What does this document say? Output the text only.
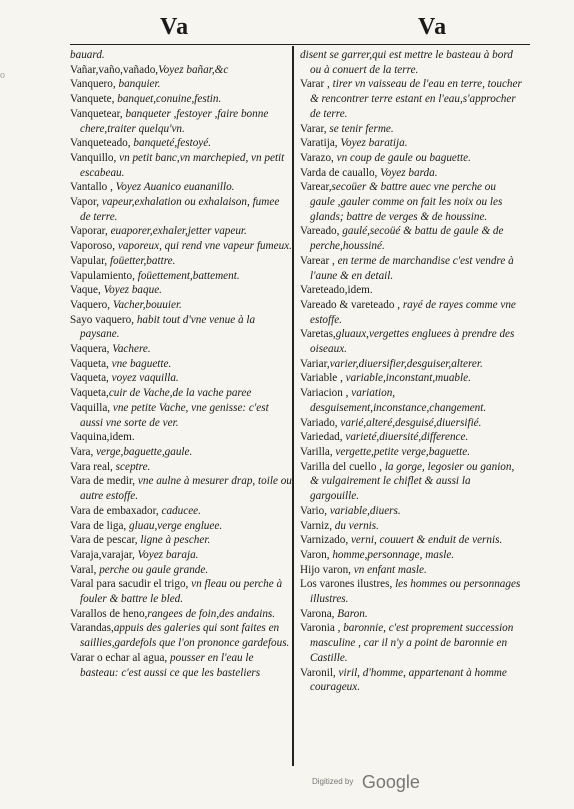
Va	Va
o

bauard.

Vañar,vaño,vañado,Voyez bañar,&c

Vanquero, banquier.

Vanquete, banquet,conuine,festin.

Vanquetear, banqueter ,festoyer ,faire bonne chere,traiter quelqu'vn.

Vanqueteado, banqueté,festoyé.

Vanquillo, vn petit banc,vn marchepied, vn petit escabeau.

Vantallo , Voyez Auanico euananillo.

Vapor, vapeur,exhalation ou exhalaison, fumee de terre.

Vaporar, euaporer,exhaler,jetter vapeur.

Vaporoso, vaporeux, qui rend vne vapeur fumeux.

Vapular, foüetter,battre.

Vapulamiento, foüettement,battement.

Vaque, Voyez baque.

Vaquero, Vacher,bouuier.

Sayo vaquero, habit tout d'vne venue à la paysane.

Vaquera, Vachere.

Vaqueta, vne baguette.

Vaqueta, voyez vaquilla.

Vaqueta,cuir de Vache,de la vache paree

Vaquilla, vne petite Vache, vne genisse: c'est aussi vne sorte de ver.

Vaquina,idem.

Vara, verge,baguette,gaule.

Vara real, sceptre.

Vara de medir, vne aulne à mesurer drap, toile ou autre estoffe.

Vara de embaxador, caducee.

Vara de liga, gluau,verge engluee.

Vara de pescar, ligne à pescher.

Varaja,varajar, Voyez baraja.

Varal, perche ou gaule grande.

Varal para sacudir el trigo, vn fleau ou perche à fouler & battre le bled.

Varallos de heno,rangees de foin,des andains.

Varandas,appuis des galeries qui sont faites en saillies,gardefols que l'on prononce gardefous.

Varar o echar al agua, pousser en l'eau le basteau: c'est aussi ce que les basteliers

disent se garrer,qui est mettre le basteau à bord ou à conuert de la terre.

Varar , tirer vn vaisseau de l'eau en terre, toucher & rencontrer terre estant en l'eau,s'approcher de terre.

Varar, se tenir ferme.

Varatija, Voyez baratija.

Varazo, vn coup de gaule ou baguette.

Varda de cauallo, Voyez barda.

Varear,secoüer & battre auec vne perche ou gaule ,gauler comme on fait les noix ou les glands; battre de verges & de houssine.

Vareado, gaulé,secoüé & battu de gaule & de perche,houssiné.

Varear , en terme de marchandise c'est vendre à l'aune & en detail.

Vareteado,idem.

Vareado & vareteado , rayé de rayes comme vne estoffe.

Varetas,gluaux,vergettes engluees à prendre des oiseaux.

Variar,varier,diuersifier,desguiser,alterer.

Variable , variable,inconstant,muable.

Variacion , variation, desguisement,inconstance,changement.

Variado, varié,alteré,desguisé,diuersifié.

Variedad, varieté,diuersité,difference.

Varilla, vergette,petite verge,baguette.

Varilla del cuello , la gorge, legosier ou ganion, & vulgairement le chiflet & aussi la gargouille.

Vario, variable,diuers.

Varniz, du vernis.

Varnizado, verni, couuert & enduit de vernis.

Varon, homme,personnage, masle.

Hijo varon, vn enfant masle.

Los varones ilustres, les hommes ou personnages illustres.

Varona, Baron.

Varonia , baronnie, c'est proprement succession masculine , car il n'y a point de baronnie en Castille.

Varonil, viril, d'homme, appartenant à homme courageux.

$^{Digitized by}$ Google
